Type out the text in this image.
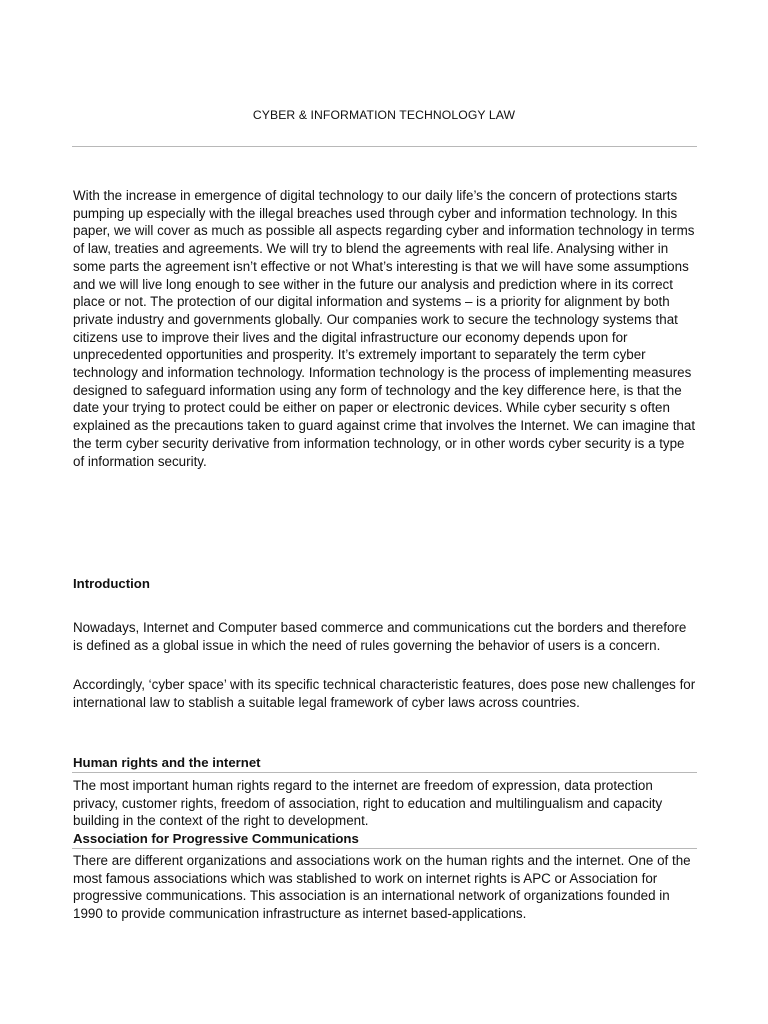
CYBER & INFORMATION TECHNOLOGY LAW

With the increase in emergence of digital technology to our daily life’s the concern of protections starts pumping up especially with the illegal breaches used through cyber and information technology. In this paper, we will cover as much as possible all aspects regarding cyber and information technology in terms of law, treaties and agreements. We will try to blend the agreements with real life. Analysing wither in some parts the agreement isn’t effective or not What’s interesting is that we will have some assumptions and we will live long enough to see wither in the future our analysis and prediction where in its correct place or not. The protection of our digital information and systems – is a priority for alignment by both private industry and governments globally. Our companies work to secure the technology systems that citizens use to improve their lives and the digital infrastructure our economy depends upon for unprecedented opportunities and prosperity. It’s extremely important to separately the term cyber technology and information technology. Information technology is the process of implementing measures designed to safeguard information using any form of technology and the key difference here, is that the date your trying to protect could be either on paper or electronic devices. While cyber security s often explained as the precautions taken to guard against crime that involves the Internet. We can imagine that the term cyber security derivative from information technology, or in other words cyber security is a type of information security.

Introduction

Nowadays, Internet and Computer based commerce and communications cut the borders and therefore is defined as a global issue in which the need of rules governing the behavior of users is a concern.

Accordingly, ‘cyber space’ with its specific technical characteristic features, does pose new challenges for international law to stablish a suitable legal framework of cyber laws across countries.

Human rights and the internet

The most important human rights regard to the internet are freedom of expression, data protection privacy, customer rights, freedom of association, right to education and multilingualism and capacity building in the context of the right to development.

Association for Progressive Communications

There are different organizations and associations work on the human rights and the internet. One of the most famous associations which was stablished to work on internet rights is APC or Association for progressive communications. This association is an international network of organizations founded in 1990 to provide communication infrastructure as internet based-applications.
